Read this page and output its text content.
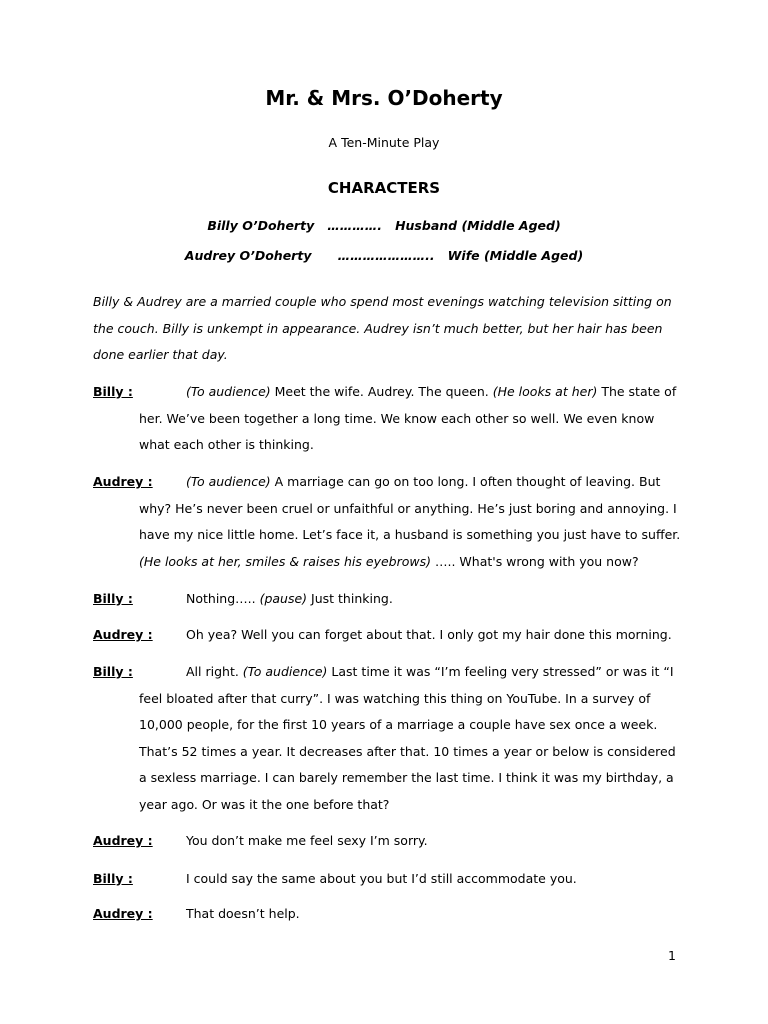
Mr. & Mrs. O’Doherty
A Ten-Minute Play
CHARACTERS
Billy O’Doherty   ………….   Husband (Middle Aged)
Audrey O’Doherty      …………………..   Wife (Middle Aged)
Billy & Audrey are a married couple who spend most evenings watching television sitting on the couch. Billy is unkempt in appearance. Audrey isn’t much better, but her hair has been done earlier that day.
Billy :	(To audience) Meet the wife. Audrey. The queen. (He looks at her) The state of her. We’ve been together a long time. We know each other so well. We even know what each other is thinking.
Audrey :	(To audience) A marriage can go on too long. I often thought of leaving. But why? He’s never been cruel or unfaithful or anything. He’s just boring and annoying. I have my nice little home. Let’s face it, a husband is something you just have to suffer. (He looks at her, smiles & raises his eyebrows) ….. What's wrong with you now?
Billy :	Nothing….. (pause) Just thinking.
Audrey :	Oh yea? Well you can forget about that. I only got my hair done this morning.
Billy :	All right. (To audience) Last time it was “I’m feeling very stressed” or was it “I feel bloated after that curry”. I was watching this thing on YouTube. In a survey of 10,000 people, for the first 10 years of a marriage a couple have sex once a week. That’s 52 times a year. It decreases after that. 10 times a year or below is considered a sexless marriage. I can barely remember the last time. I think it was my birthday, a year ago. Or was it the one before that?
Audrey :	You don’t make me feel sexy I’m sorry.
Billy :	I could say the same about you but I’d still accommodate you.
Audrey :	That doesn’t help.
1
